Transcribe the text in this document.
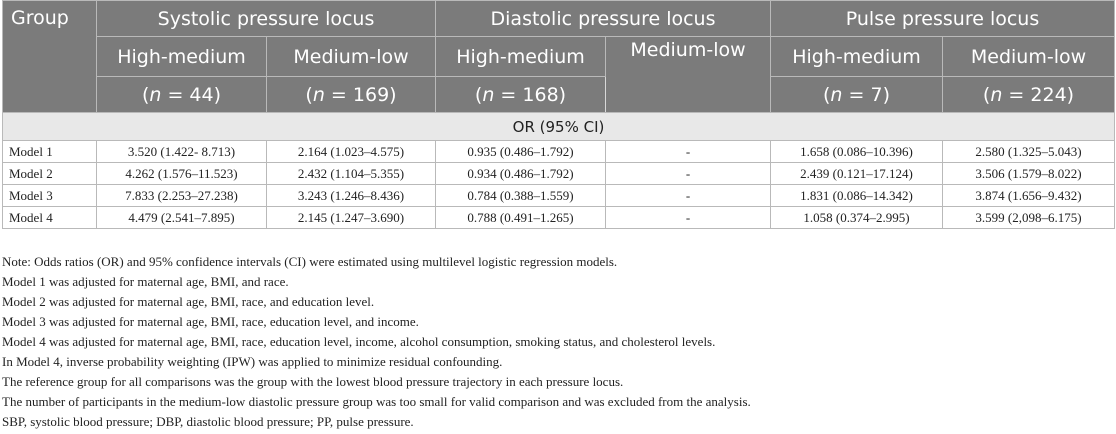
Group	Systolic pressure locus		Diastolic pressure locus		Pulse pressure locus	
	High-medium	Medium-low	High-medium	Medium-low	High-medium	Medium-low
	(n = 44)	(n = 169)	(n = 168)		(n = 7)	(n = 224)
OR (95% CI)						
Model 1	3.520 (1.422- 8.713)	2.164 (1.023–4.575)	0.935 (0.486–1.792)	-	1.658 (0.086–10.396)	2.580 (1.325–5.043)
Model 2	4.262 (1.576–11.523)	2.432 (1.104–5.355)	0.934 (0.486–1.792)	-	2.439 (0.121–17.124)	3.506 (1.579–8.022)
Model 3	7.833 (2.253–27.238)	3.243 (1.246–8.436)	0.784 (0.388–1.559)	-	1.831 (0.086–14.342)	3.874 (1.656–9.432)
Model 4	4.479 (2.541–7.895)	2.145 (1.247–3.690)	0.788 (0.491–1.265)	-	1.058 (0.374–2.995)	3.599 (2,098–6.175)
Note: Odds ratios (OR) and 95% confidence intervals (CI) were estimated using multilevel logistic regression models.
Model 1 was adjusted for maternal age, BMI, and race.
Model 2 was adjusted for maternal age, BMI, race, and education level.
Model 3 was adjusted for maternal age, BMI, race, education level, and income.
Model 4 was adjusted for maternal age, BMI, race, education level, income, alcohol consumption, smoking status, and cholesterol levels.
In Model 4, inverse probability weighting (IPW) was applied to minimize residual confounding.
The reference group for all comparisons was the group with the lowest blood pressure trajectory in each pressure locus.
The number of participants in the medium-low diastolic pressure group was too small for valid comparison and was excluded from the analysis.
SBP, systolic blood pressure; DBP, diastolic blood pressure; PP, pulse pressure.
